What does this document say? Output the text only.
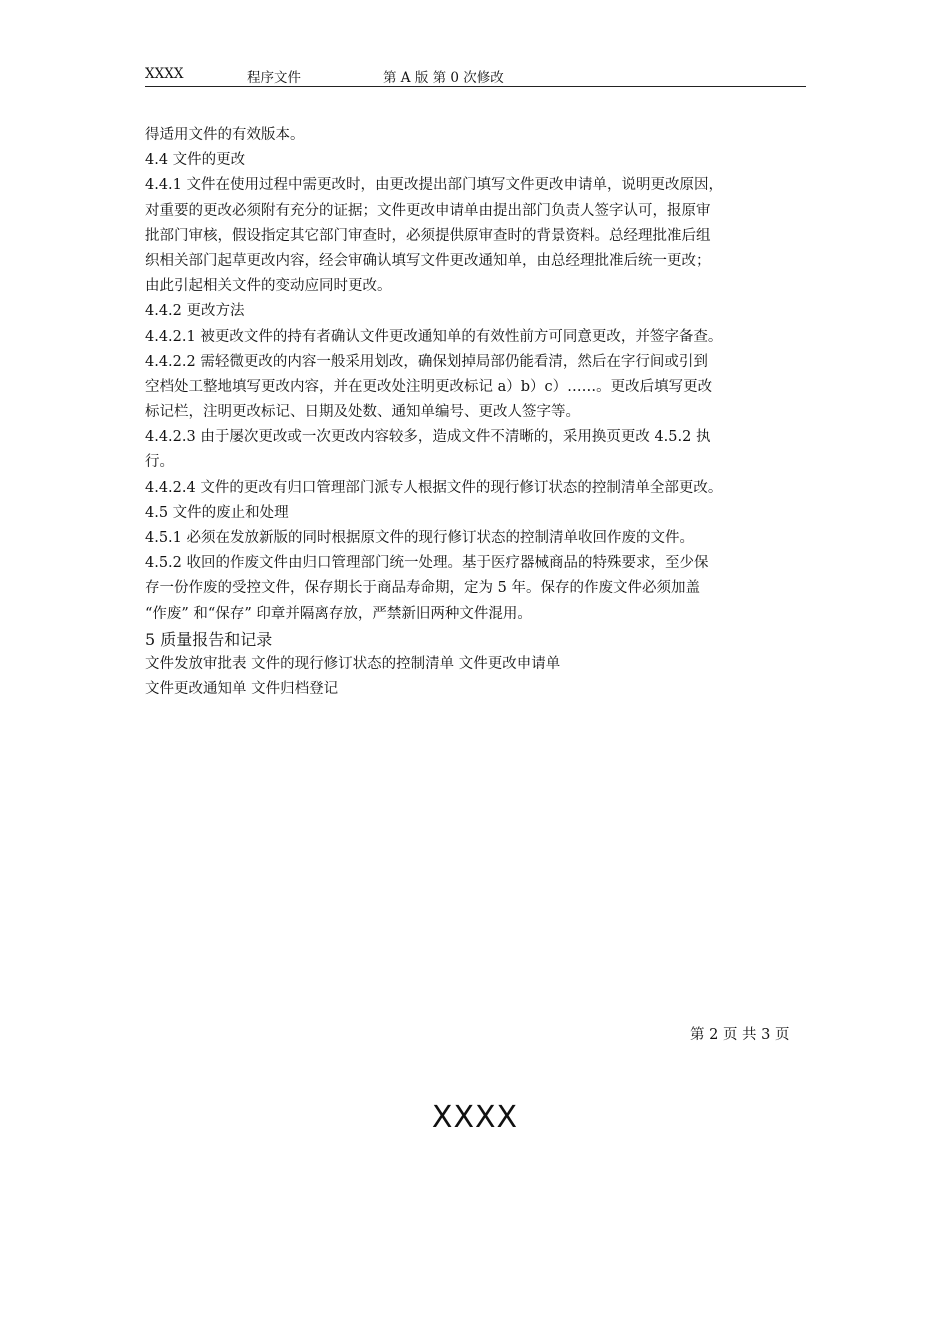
XXXX	程序文件	第 A 版 第 0 次修改
得适用文件的有效版本。
4.4 文件的更改
4.4.1 文件在使用过程中需更改时，由更改提出部门填写文件更改申请单，说明更改原因，
对重要的更改必须附有充分的证据；文件更改申请单由提出部门负责人签字认可，报原审
批部门审核，假设指定其它部门审查时，必须提供原审查时的背景资料。总经理批准后组
织相关部门起草更改内容，经会审确认填写文件更改通知单，由总经理批准后统一更改；
由此引起相关文件的变动应同时更改。
4.4.2 更改方法
4.4.2.1 被更改文件的持有者确认文件更改通知单的有效性前方可同意更改，并签字备查。
4.4.2.2 需轻微更改的内容一般采用划改，确保划掉局部仍能看清，然后在字行间或引到
空档处工整地填写更改内容，并在更改处注明更改标记 a）b）c）……。更改后填写更改
标记栏，注明更改标记、日期及处数、通知单编号、更改人签字等。
4.4.2.3 由于屡次更改或一次更改内容较多，造成文件不清晰的，采用换页更改 4.5.2 执
行。
4.4.2.4 文件的更改有归口管理部门派专人根据文件的现行修订状态的控制清单全部更改。
4.5 文件的废止和处理
4.5.1 必须在发放新版的同时根据原文件的现行修订状态的控制清单收回作废的文件。
4.5.2 收回的作废文件由归口管理部门统一处理。基于医疗器械商品的特殊要求，至少保
存一份作废的受控文件，保存期长于商品寿命期，定为 5 年。保存的作废文件必须加盖
“作废” 和“保存” 印章并隔离存放，严禁新旧两种文件混用。
5 质量报告和记录
文件发放审批表 文件的现行修订状态的控制清单 文件更改申请单
文件更改通知单 文件归档登记
第 2 页 共 3 页
XXXX
